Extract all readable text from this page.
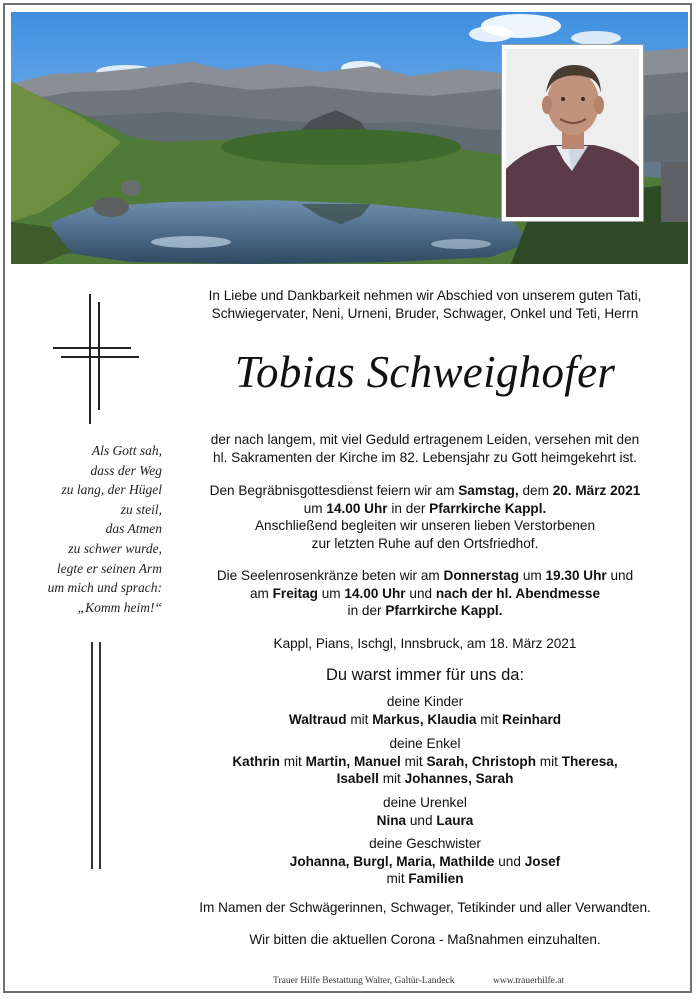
Als Gott sah,
dass der Weg
zu lang, der Hügel
zu steil,
das Atmen
zu schwer wurde,
legte er seinen Arm
um mich und sprach:
„Komm heim!“
In Liebe und Dankbarkeit nehmen wir Abschied von unserem guten Tati,
Schwiegervater, Neni, Urneni, Bruder, Schwager, Onkel und Teti, Herrn
Tobias Schweighofer
der nach langem, mit viel Geduld ertragenem Leiden, versehen mit den
hl. Sakramenten der Kirche im 82. Lebensjahr zu Gott heimgekehrt ist.
Den Begräbnisgottesdienst feiern wir am Samstag, dem 20. März 2021
um 14.00 Uhr in der Pfarrkirche Kappl.
Anschließend begleiten wir unseren lieben Verstorbenen
zur letzten Ruhe auf den Ortsfriedhof.
Die Seelenrosenkränze beten wir am Donnerstag um 19.30 Uhr und
am Freitag um 14.00 Uhr und nach der hl. Abendmesse
in der Pfarrkirche Kappl.
Kappl, Pians, Ischgl, Innsbruck, am 18. März 2021
Du warst immer für uns da:
deine Kinder
Waltraud mit Markus, Klaudia mit Reinhard
deine Enkel
Kathrin mit Martin, Manuel mit Sarah, Christoph mit Theresa,
Isabell mit Johannes, Sarah
deine Urenkel
Nina und Laura
deine Geschwister
Johanna, Burgl, Maria, Mathilde und Josef
mit Familien
Im Namen der Schwägerinnen, Schwager, Tetikinder und aller Verwandten.
Wir bitten die aktuellen Corona - Maßnahmen einzuhalten.
Trauer Hilfe Bestattung Walter, Galtür-Landeck	www.trauerhilfe.at
